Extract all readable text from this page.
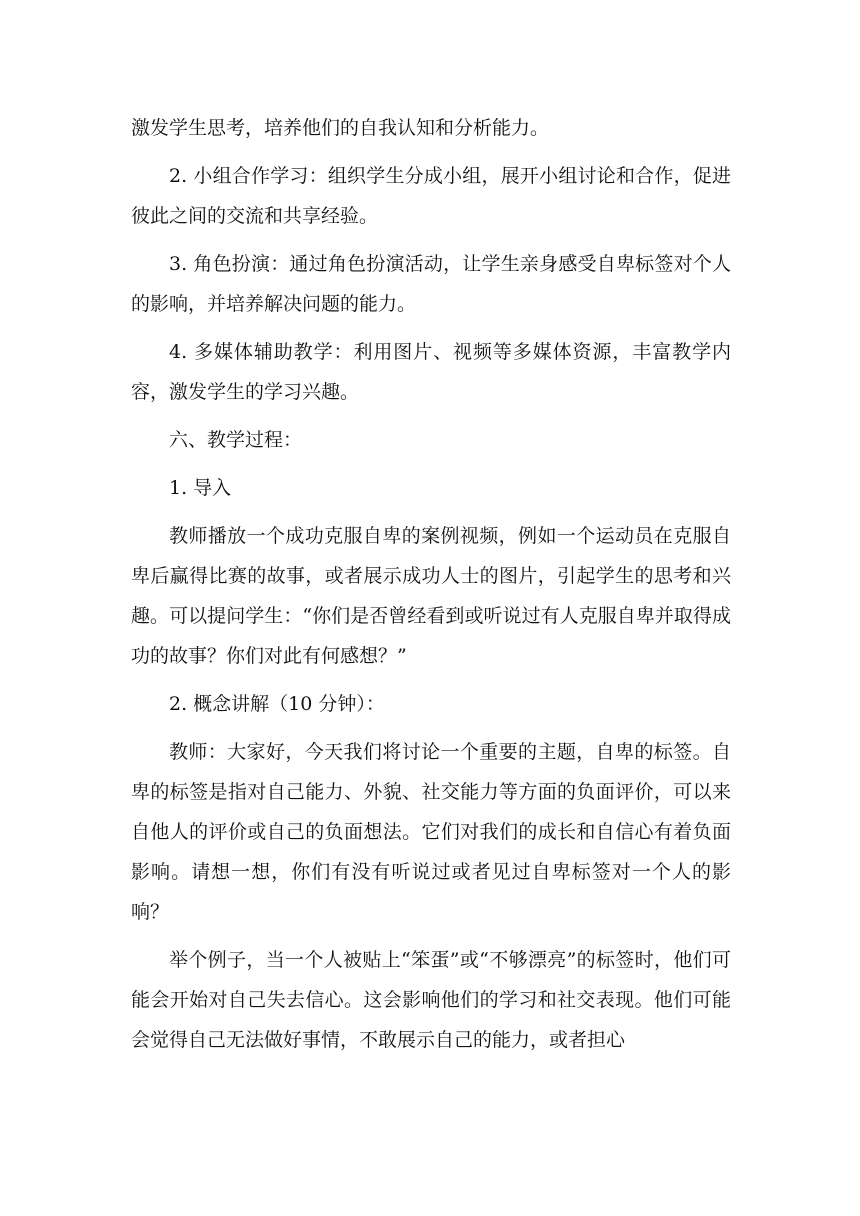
激发学生思考，培养他们的自我认知和分析能力。

2. 小组合作学习：组织学生分成小组，展开小组讨论和合作，促进彼此之间的交流和共享经验。

3. 角色扮演：通过角色扮演活动，让学生亲身感受自卑标签对个人的影响，并培养解决问题的能力。

4. 多媒体辅助教学：利用图片、视频等多媒体资源，丰富教学内容，激发学生的学习兴趣。

六、教学过程：

1. 导入

教师播放一个成功克服自卑的案例视频，例如一个运动员在克服自卑后赢得比赛的故事，或者展示成功人士的图片，引起学生的思考和兴趣。可以提问学生：“你们是否曾经看到或听说过有人克服自卑并取得成功的故事？你们对此有何感想？”

2. 概念讲解（10 分钟）：

教师：大家好，今天我们将讨论一个重要的主题，自卑的标签。自卑的标签是指对自己能力、外貌、社交能力等方面的负面评价，可以来自他人的评价或自己的负面想法。它们对我们的成长和自信心有着负面影响。请想一想，你们有没有听说过或者见过自卑标签对一个人的影响？

举个例子，当一个人被贴上“笨蛋”或“不够漂亮”的标签时，他们可能会开始对自己失去信心。这会影响他们的学习和社交表现。他们可能会觉得自己无法做好事情，不敢展示自己的能力，或者担心
